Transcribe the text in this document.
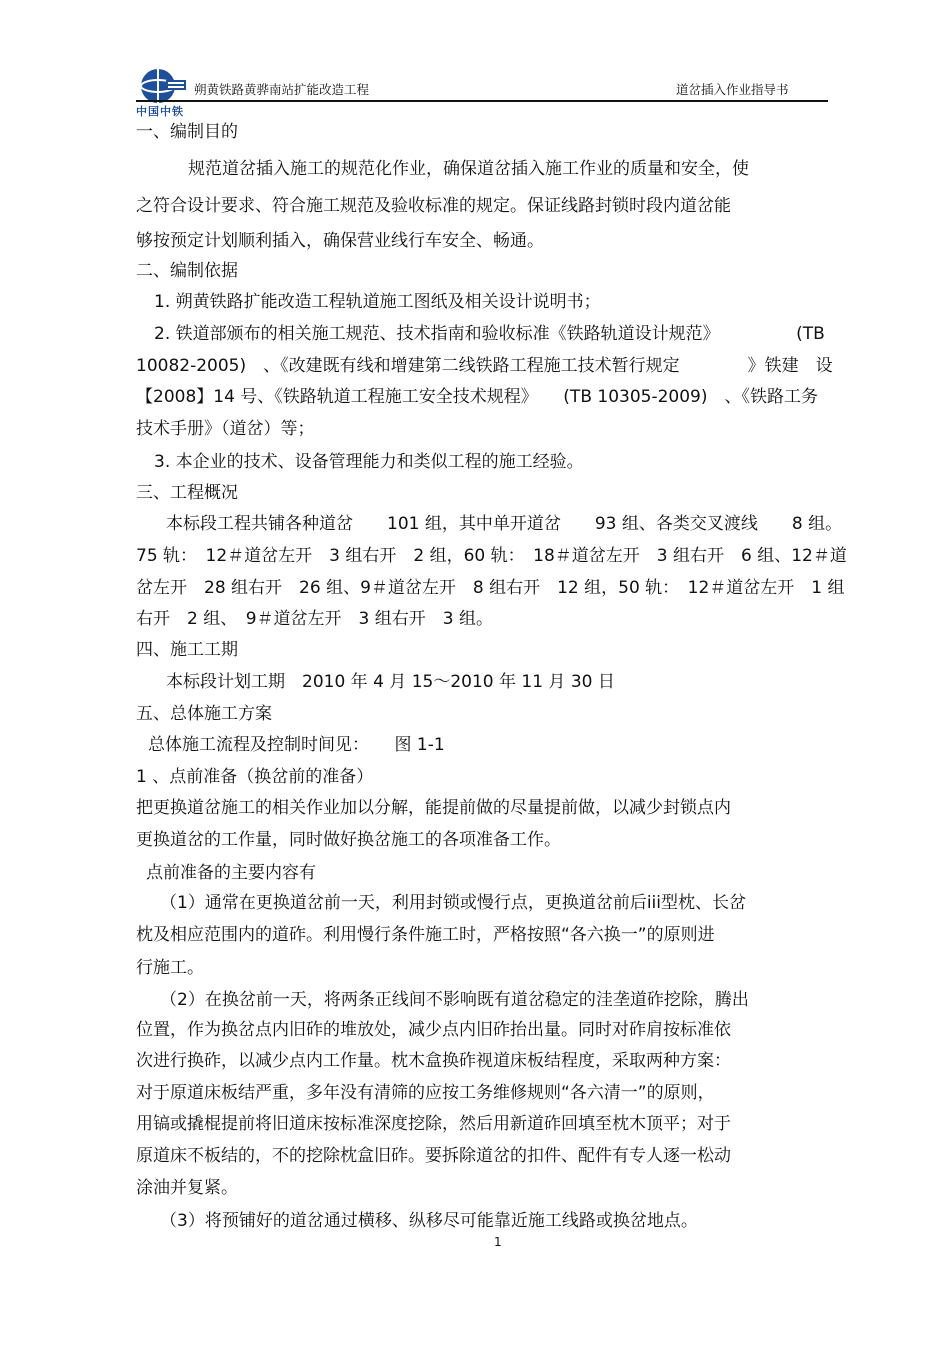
中国中铁
朔黄铁路黄骅南站扩能改造工程	道岔插入作业指导书
一、编制目的
规范道岔插入施工的规范化作业，确保道岔插入施工作业的质量和安全，使
之符合设计要求、符合施工规范及验收标准的规定。保证线路封锁时段内道岔能
够按预定计划顺利插入，确保营业线行车安全、畅通。
二、编制依据
1. 朔黄铁路扩能改造工程轨道施工图纸及相关设计说明书；
2. 铁道部颁布的相关施工规范、技术指南和验收标准《铁路轨道设计规范》　　　　　(TB
10082-2005)　、《改建既有线和增建第二线铁路工程施工技术暂行规定　　　　》铁建　设
【2008】14 号、《铁路轨道工程施工安全技术规程》　　(TB 10305-2009)　、《铁路工务
技术手册》（道岔）等；
3. 本企业的技术、设备管理能力和类似工程的施工经验。
三、工程概况
本标段工程共铺各种道岔　　101 组，其中单开道岔　　93 组、各类交叉渡线　　8 组。
75 轨：　12＃道岔左开　3 组右开　2 组，60 轨：　18＃道岔左开　3 组右开　6 组、12＃道
岔左开　28 组右开　26 组、9＃道岔左开　8 组右开　12 组，50 轨：　12＃道岔左开　1 组
右开　2 组、　9＃道岔左开　3 组右开　3 组。
四、施工工期
本标段计划工期　2010 年 4 月 15～2010 年 11 月 30 日
五、总体施工方案
总体施工流程及控制时间见：　　图 1-1
1 、点前准备（换岔前的准备）
把更换道岔施工的相关作业加以分解，能提前做的尽量提前做，以减少封锁点内
更换道岔的工作量，同时做好换岔施工的各项准备工作。
点前准备的主要内容有
（1）通常在更换道岔前一天，利用封锁或慢行点，更换道岔前后iii型枕、长岔
枕及相应范围内的道砟。利用慢行条件施工时，严格按照“各六换一”的原则进
行施工。
（2）在换岔前一天，将两条正线间不影响既有道岔稳定的洼垄道砟挖除，腾出
位置，作为换岔点内旧砟的堆放处，减少点内旧砟抬出量。同时对砟肩按标准依
次进行换砟，以减少点内工作量。枕木盒换砟视道床板结程度，采取两种方案：
对于原道床板结严重，多年没有清筛的应按工务维修规则“各六清一”的原则，
用镐或撬棍提前将旧道床按标准深度挖除，然后用新道砟回填至枕木顶平；对于
原道床不板结的，不的挖除枕盒旧砟。要拆除道岔的扣件、配件有专人逐一松动
涂油并复紧。
（3）将预铺好的道岔通过横移、纵移尽可能靠近施工线路或换岔地点。
1
